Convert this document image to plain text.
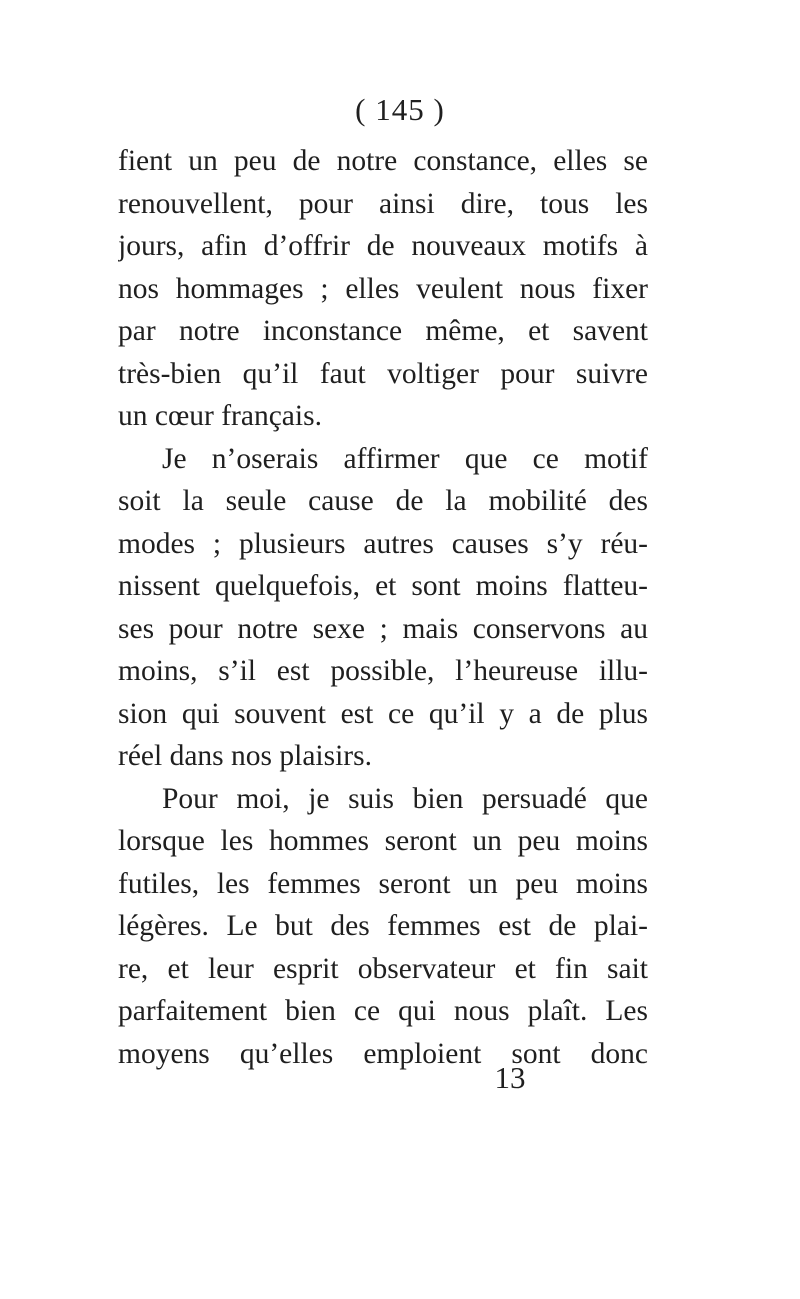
( 145 )
fient un peu de notre constance, elles se
renouvellent, pour ainsi dire, tous les
jours, afin d’offrir de nouveaux motifs à
nos hommages ; elles veulent nous fixer
par notre inconstance même, et savent
très-bien qu’il faut voltiger pour suivre
un cœur français.
Je n’oserais affirmer que ce motif
soit la seule cause de la mobilité des
modes ; plusieurs autres causes s’y réu-
nissent quelquefois, et sont moins flatteu-
ses pour notre sexe ; mais conservons au
moins, s’il est possible, l’heureuse illu-
sion qui souvent est ce qu’il y a de plus
réel dans nos plaisirs.
Pour moi, je suis bien persuadé que
lorsque les hommes seront un peu moins
futiles, les femmes seront un peu moins
légères. Le but des femmes est de plai-
re, et leur esprit observateur et fin sait
parfaitement bien ce qui nous plaît. Les
moyens qu’elles emploient sont donc
13
